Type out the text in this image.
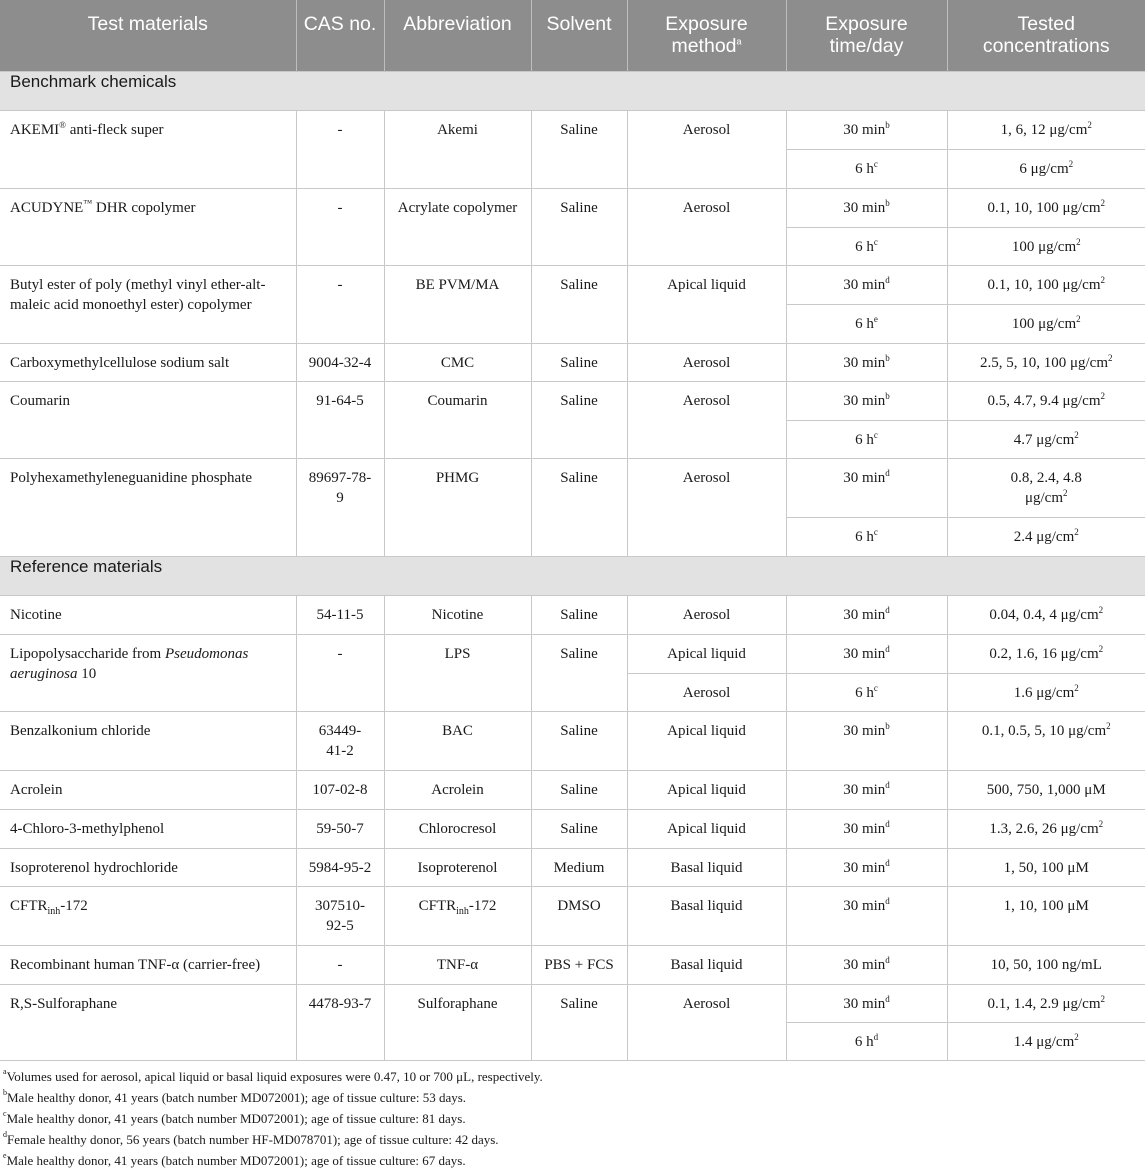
Test materials	CAS no.	Abbreviation	Solvent	Exposure method$^a$	Exposure time/day	Tested concentrations
Benchmark chemicals						
AKEMI® anti-fleck super	-	Akemi	Saline	Aerosol	30 $\min^b$	1, 6, 12 $\mu g/cm^2$
					6 $h^c$	6 $\mu g/cm^2$
ACUDYNE™ DHR copolymer	-	Acrylate copolymer	Saline	Aerosol	30 $\min^b$	0.1, 10, 100 $\mu g/cm^2$
					6 $h^c$	100 $\mu g/cm^2$
Butyl ester of poly (methyl vinyl ether-alt-maleic acid monoethyl ester) copolymer	-	BE PVM/MA	Saline	Apical liquid	30 $\min^d$	0.1, 10, 100 $\mu g/cm^2$
					6 $h^e$	100 $\mu g/cm^2$
Carboxymethylcellulose sodium salt	9004-32-4	CMC	Saline	Aerosol	30 $\min^b$	2.5, 5, 10, 100 $\mu g/cm^2$
Coumarin	91-64-5	Coumarin	Saline	Aerosol	30 $\min^b$	0.5, 4.7, 9.4 $\mu g/cm^2$
					6 $h^c$	4.7 $\mu g/cm^2$
Polyhexamethyleneguanidine phosphate	89697-78-9	PHMG	Saline	Aerosol	30 $\min^d$	0.8, 2.4, 4.8 $\mu g/cm^2$
					6 $h^c$	2.4 $\mu g/cm^2$
Reference materials						
Nicotine	54-11-5	Nicotine	Saline	Aerosol	30 $\min^d$	0.04, 0.4, 4 $\mu g/cm^2$
Lipopolysaccharide from Pseudomonas aeruginosa 10	-	LPS	Saline	Apical liquid	30 $\min^d$	0.2, 1.6, 16 $\mu g/cm^2$
				Aerosol	6 $h^c$	1.6 $\mu g/cm^2$
Benzalkonium chloride	63449-41-2	BAC	Saline	Apical liquid	30 $\min^b$	0.1, 0.5, 5, 10 $\mu g/cm^2$
Acrolein	107-02-8	Acrolein	Saline	Apical liquid	30 $\min^d$	500, 750, 1,000 μM
4-Chloro-3-methylphenol	59-50-7	Chlorocresol	Saline	Apical liquid	30 $\min^d$	1.3, 2.6, 26 $\mu g/cm^2$
Isoproterenol hydrochloride	5984-95-2	Isoproterenol	Medium	Basal liquid	30 $\min^d$	1, 50, 100 μM
$CFTR_{inh}-172$	307510-92-5	$CFTR_{inh}-172$	DMSO	Basal liquid	30 $\min^d$	1, 10, 100 μM
Recombinant human TNF-α (carrier-free)	-	TNF-α	PBS + FCS	Basal liquid	30 $\min^d$	10, 50, 100 ng/mL
R,S-Sulforaphane	4478-93-7	Sulforaphane	Saline	Aerosol	30 $\min^d$	0.1, 1.4, 2.9 $\mu g/cm^2$
					6 $h^d$	1.4 $\mu g/cm^2$

$^a$Volumes used for aerosol, apical liquid or basal liquid exposures were 0.47, 10 or 700 μL, respectively.

$^b$Male healthy donor, 41 years (batch number MD072001); age of tissue culture: 53 days.

$^c$Male healthy donor, 41 years (batch number MD072001); age of tissue culture: 81 days.

$^d$Female healthy donor, 56 years (batch number HF-MD078701); age of tissue culture: 42 days.

$^e$Male healthy donor, 41 years (batch number MD072001); age of tissue culture: 67 days.
